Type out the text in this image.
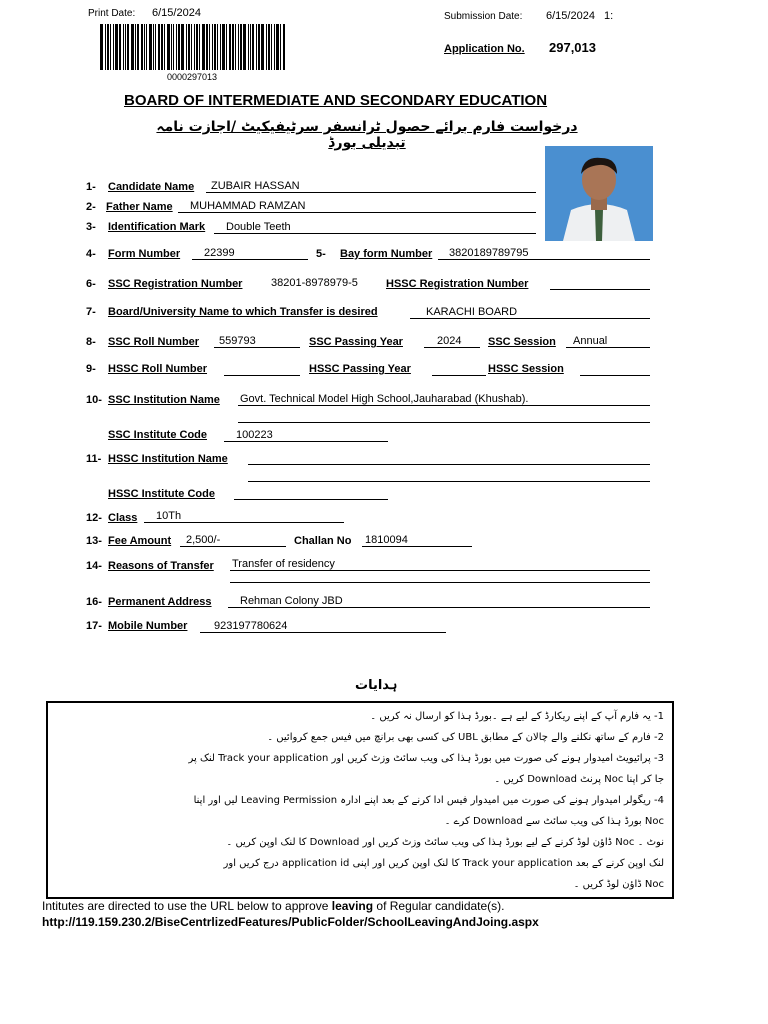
Print Date: 6/15/2024	Submission Date: 6/15/2024 1:
0000297013
Application No. 297,013
BOARD OF INTERMEDIATE AND SECONDARY EDUCATION
درخواست فارم برائے حصول ٹرانسفر سرٹیفیکیٹ /اجازت نامہ تبدیلی بورڈ
1- Candidate Name ZUBAIR HASSAN
2- Father Name MUHAMMAD RAMZAN
3- Identification Mark Double Teeth
4- Form Number 22399	5- Bay form Number 3820189789795
6- SSC Registration Number	38201-8978979-5	HSSC Registration Number
7- Board/University Name to which Transfer is desired	KARACHI BOARD
8- SSC Roll Number 559793	SSC Passing Year	2024 SSC Session Annual
9- HSSC Roll Number	HSSC Passing Year	HSSC Session
10- SSC Institution Name Govt. Technical Model High School,Jauharabad (Khushab).
SSC Institute Code	100223
11- HSSC Institution Name
HSSC Institute Code
12- Class 10Th
13- Fee Amount 2,500/-	Challan No 1810094
14- Reasons of Transfer Transfer of residency
16- Permanent Address	Rehman Colony JBD
17- Mobile Number 923197780624
ہدایات
1- یہ فارم آپ کے اپنے ریکارڈ کے لیے ہے ۔بورڈ ہذا کو ارسال نہ کریں ۔
2- فارم کے ساتھ نکلنے والے چالان کے مطابق UBL کی کسی بھی برانچ میں فیس جمع کروائیں ۔
3- پرائیویٹ امیدوار ہونے کی صورت میں بورڈ ہذا کی ویب سائٹ وزٹ کریں اور Track your application لنک پر
جا کر اپنا Noc پرنٹ Download کریں ۔
4- ریگولر امیدوار ہونے کی صورت میں امیدوار فیس ادا کرنے کے بعد اپنے ادارہ Leaving Permission لیں اور اپنا
Noc بورڈ ہذا کی ویب سائٹ سے Download کرے ۔
نوٹ ۔ Noc ڈاؤن لوڈ کرنے کے لیے بورڈ ہذا کی ویب سائٹ وزٹ کریں اور Download کا لنک اوپن کریں ۔
لنک اوپن کرنے کے بعد Track your application کا لنک اوپن کریں اور اپنی application id درج کریں اور
Noc ڈاؤن لوڈ کریں ۔
Intitutes are directed to use the URL below to approve leaving of Regular candidate(s).
http://119.159.230.2/BiseCentrlizedFeatures/PublicFolder/SchoolLeavingAndJoing.aspx
